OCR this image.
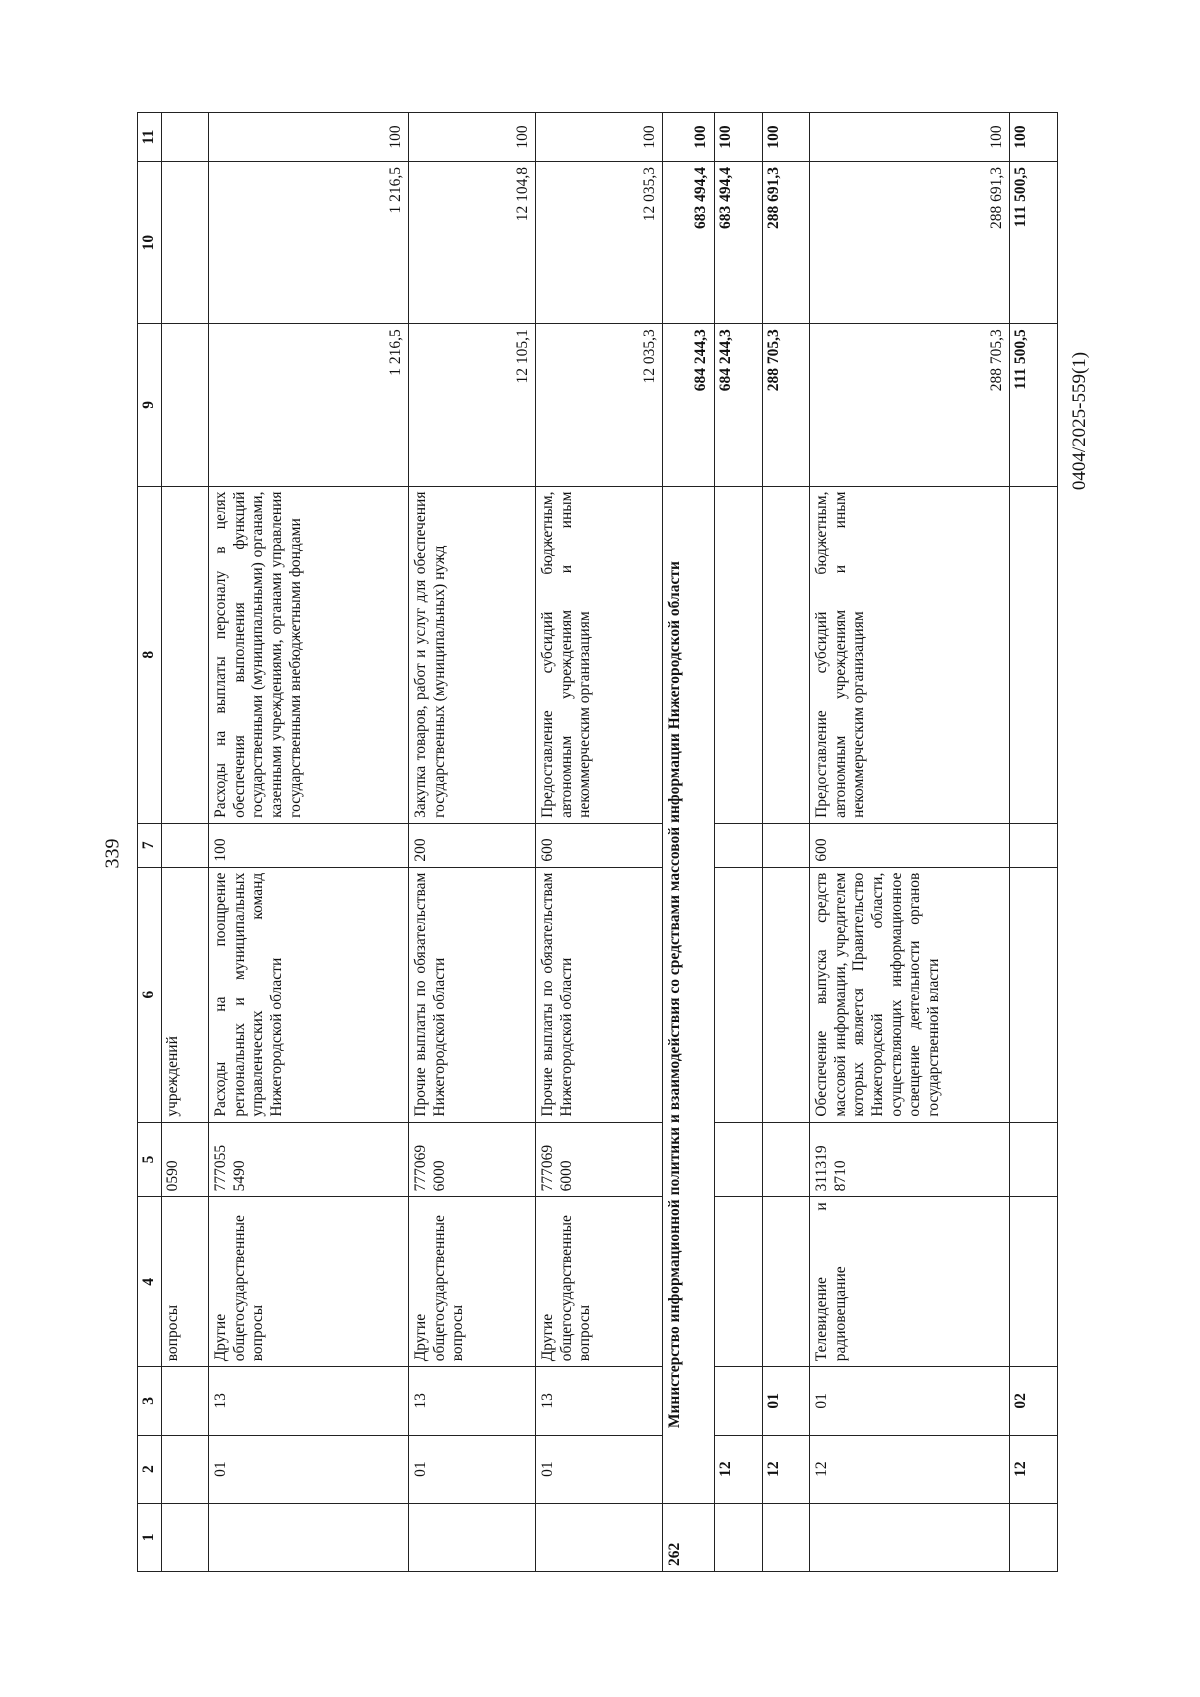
339
0404/2025-559(1)
1	2	3	4	5	6	7	8	9	10	11
			вопросы	0590	учреждений					
	01	13	Другие общегосударственные вопросы	777055 5490	Расходы на поощрение региональных и муниципальных управленческих команд Нижегородской области	100	Расходы на выплаты персоналу в целях обеспечения выполнения функций государственными (муниципальными) органами, казенными учреждениями, органами управления государственными внебюджетными фондами	1 216,5	1 216,5	100
	01	13	Другие общегосударственные вопросы	777069 6000	Прочие выплаты по обязательствам Нижегородской области	200	Закупка товаров, работ и услуг для обеспечения государственных (муниципальных) нужд	12 105,1	12 104,8	100
	01	13	Другие общегосударственные вопросы	777069 6000	Прочие выплаты по обязательствам Нижегородской области	600	Предоставление субсидий бюджетным, автономным учреждениям и иным некоммерческим организациям	12 035,3	12 035,3	100
262	Министерство информационной политики и взаимодействия со средствами массовой информации Нижегородской области							684 244,3	683 494,4	100
	12							684 244,3	683 494,4	100
	12	01						288 705,3	288 691,3	100
	12	01	Телевидение и радиовещание	311319 8710	Обеспечение выпуска средств массовой информации, учредителем которых является Правительство Нижегородской области, осуществляющих информационное освещение деятельности органов государственной власти	600	Предоставление субсидий бюджетным, автономным учреждениям и иным некоммерческим организациям	288 705,3	288 691,3	100
	12	02						111 500,5	111 500,5	100
